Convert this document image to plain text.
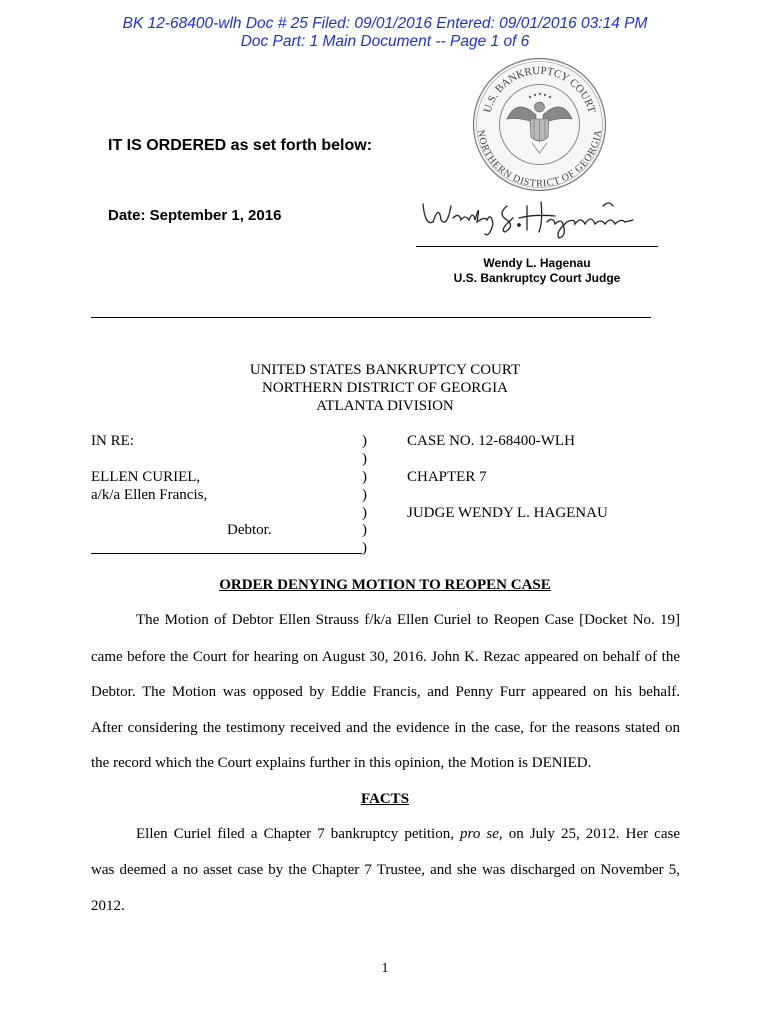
BK 12-68400-wlh Doc # 25 Filed: 09/01/2016 Entered: 09/01/2016 03:14 PM
Doc Part: 1 Main Document -- Page 1 of 6
U.S. BANKRUPTCY COURT
NORTHERN DISTRICT OF GEORGIA
IT IS ORDERED as set forth below:
Date: September 1, 2016
Wendy L. Hagenau
U.S. Bankruptcy Court Judge
UNITED STATES BANKRUPTCY COURT
NORTHERN DISTRICT OF GEORGIA
ATLANTA DIVISION
IN RE:
ELLEN CURIEL,
a/k/a Ellen Francis,
Debtor.
)
)
)
)
)
)
)
CASE NO. 12-68400-WLH
CHAPTER 7
JUDGE WENDY L. HAGENAU
ORDER DENYING MOTION TO REOPEN CASE
The Motion of Debtor Ellen Strauss f/k/a Ellen Curiel to Reopen Case [Docket No. 19]
came before the Court for hearing on August 30, 2016. John K. Rezac appeared on behalf of the
Debtor. The Motion was opposed by Eddie Francis, and Penny Furr appeared on his behalf.
After considering the testimony received and the evidence in the case, for the reasons stated on
the record which the Court explains further in this opinion, the Motion is DENIED.
FACTS
Ellen Curiel filed a Chapter 7 bankruptcy petition, pro se, on July 25, 2012. Her case
was deemed a no asset case by the Chapter 7 Trustee, and she was discharged on November 5,
2012.
1
